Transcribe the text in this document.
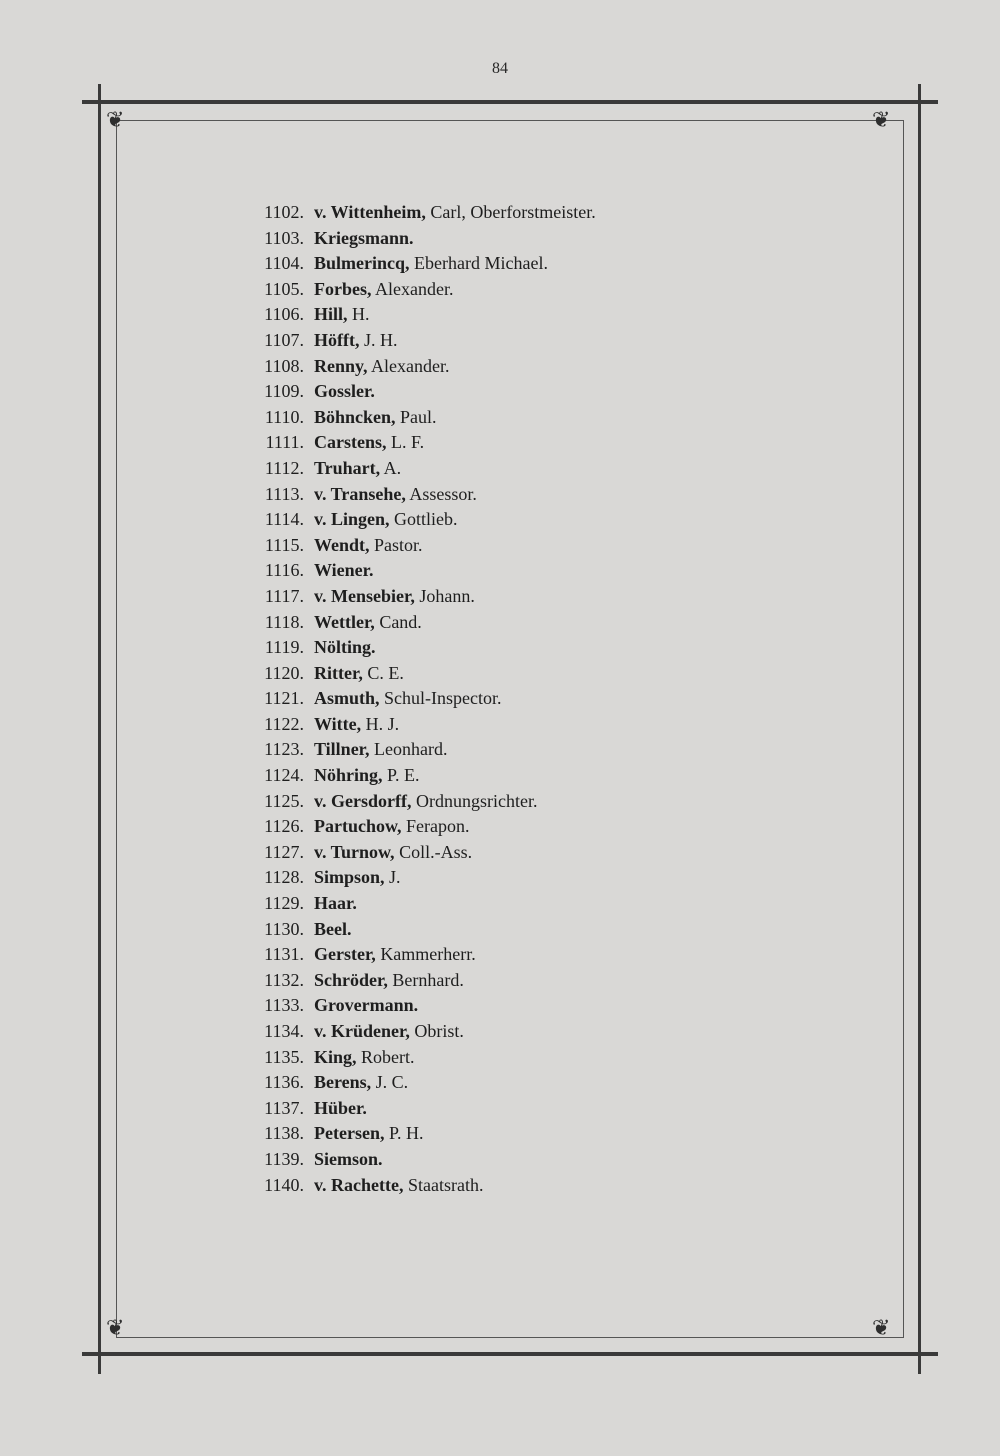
84
❦	❦
❦	❦
1102. v. Wittenheim, Carl, Oberforstmeister.
1103. Kriegsmann.
1104. Bulmerincq, Eberhard Michael.
1105. Forbes, Alexander.
1106. Hill, H.
1107. Höfft, J. H.
1108. Renny, Alexander.
1109. Gossler.
1110. Böhncken, Paul.
1111. Carstens, L. F.
1112. Truhart, A.
1113. v. Transehe, Assessor.
1114. v. Lingen, Gottlieb.
1115. Wendt, Pastor.
1116. Wiener.
1117. v. Mensebier, Johann.
1118. Wettler, Cand.
1119. Nölting.
1120. Ritter, C. E.
1121. Asmuth, Schul-Inspector.
1122. Witte, H. J.
1123. Tillner, Leonhard.
1124. Nöhring, P. E.
1125. v. Gersdorff, Ordnungsrichter.
1126. Partuchow, Ferapon.
1127. v. Turnow, Coll.-Ass.
1128. Simpson, J.
1129. Haar.
1130. Beel.
1131. Gerster, Kammerherr.
1132. Schröder, Bernhard.
1133. Grovermann.
1134. v. Krüdener, Obrist.
1135. King, Robert.
1136. Berens, J. C.
1137. Hüber.
1138. Petersen, P. H.
1139. Siemson.
1140. v. Rachette, Staatsrath.
